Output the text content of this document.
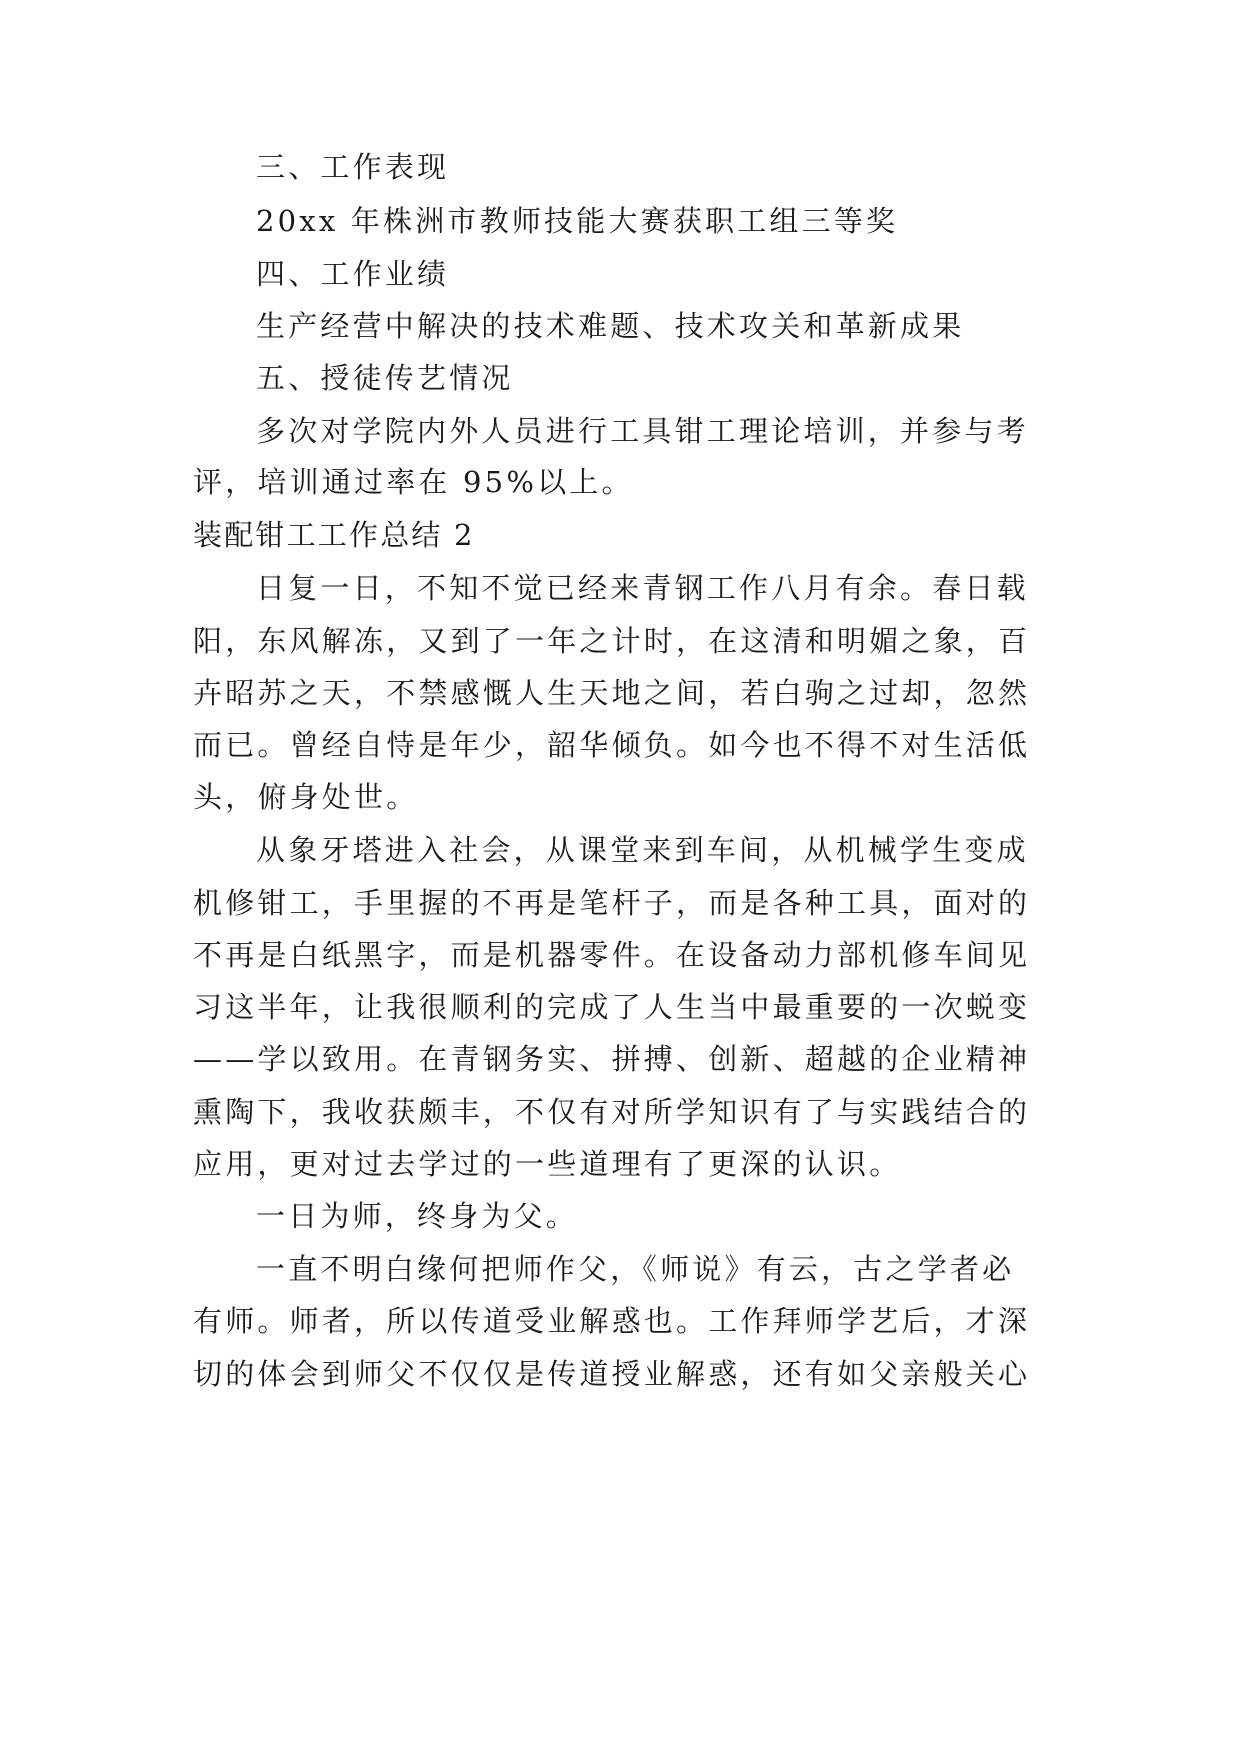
三、工作表现
20xx 年株洲市教师技能大赛获职工组三等奖
四、工作业绩
生产经营中解决的技术难题、技术攻关和革新成果
五、授徒传艺情况
多次对学院内外人员进行工具钳工理论培训，并参与考
评，培训通过率在 95%以上。
装配钳工工作总结 2
日复一日，不知不觉已经来青钢工作八月有余。春日载
阳，东风解冻，又到了一年之计时，在这清和明媚之象，百
卉昭苏之天，不禁感慨人生天地之间，若白驹之过却，忽然
而已。曾经自恃是年少，韶华倾负。如今也不得不对生活低
头，俯身处世。
从象牙塔进入社会，从课堂来到车间，从机械学生变成
机修钳工，手里握的不再是笔杆子，而是各种工具，面对的
不再是白纸黑字，而是机器零件。在设备动力部机修车间见
习这半年，让我很顺利的完成了人生当中最重要的一次蜕变
——学以致用。在青钢务实、拼搏、创新、超越的企业精神
熏陶下，我收获颇丰，不仅有对所学知识有了与实践结合的
应用，更对过去学过的一些道理有了更深的认识。
一日为师，终身为父。
一直不明白缘何把师作父，《师说》有云，古之学者必
有师。师者，所以传道受业解惑也。工作拜师学艺后，才深
切的体会到师父不仅仅是传道授业解惑，还有如父亲般关心
